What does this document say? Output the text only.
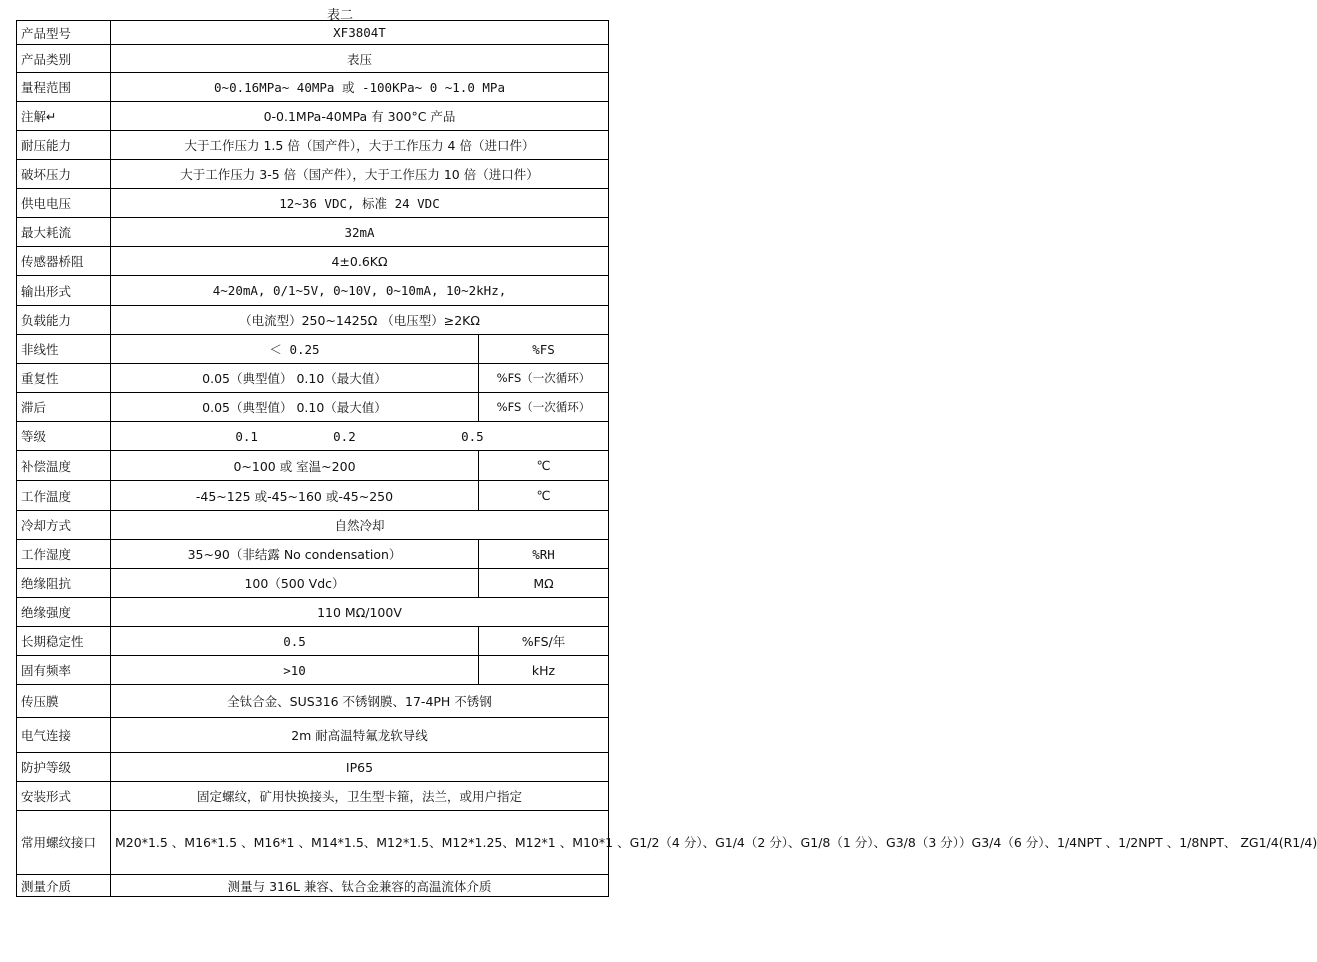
表二
产品型号	XF3804T	
产品类别	表压	
量程范围	0~0.16MPa~ 40MPa 或 -100KPa~ 0 ~1.0 MPa	
注解↵	0-0.1MPa-40MPa 有 300°C 产品	
耐压能力	大于工作压力 1.5 倍（国产件），大于工作压力 4 倍（进口件）	
破坏压力	大于工作压力 3-5 倍（国产件），大于工作压力 10 倍（进口件）	
供电电压	12~36 VDC, 标准 24 VDC	
最大耗流	32mA	
传感器桥阻	4±0.6KΩ	
输出形式	4~20mA, 0/1~5V, 0~10V, 0~10mA, 10~2kHz,	
负载能力	（电流型）250~1425Ω （电压型）≥2KΩ	
非线性	＜ 0.25	%FS
重复性	0.05（典型值） 0.10（最大值）	%FS（一次循环）
滞后	0.05（典型值） 0.10（最大值）	%FS（一次循环）
等级	0.1          0.2              0.5	
补偿温度	0~100 或 室温~200	℃
工作温度	-45~125 或-45~160 或-45~250	℃
冷却方式	自然冷却	
工作湿度	35~90（非结露 No condensation）	%RH
绝缘阻抗	100（500 Vdc）	MΩ
绝缘强度	110 MΩ/100V	
长期稳定性	0.5	%FS/年
固有频率	>10	kHz
传压膜	全钛合金、SUS316 不锈钢膜、17-4PH 不锈钢	
电气连接	2m 耐高温特氟龙软导线	
防护等级	IP65	
安装形式	固定螺纹，矿用快换接头，卫生型卡箍，法兰，或用户指定	
常用螺纹接口	M20*1.5 、M16*1.5 、M16*1 、M14*1.5、M12*1.5、M12*1.25、M12*1 、M10*1 、G1/2（4 分）、G1/4（2 分）、G1/8（1 分）、G3/8（3 分））G3/4（6 分）、1/4NPT 、1/2NPT 、1/8NPT、 ZG1/4(R1/4)	
测量介质	测量与 316L 兼容、钛合金兼容的高温流体介质	
